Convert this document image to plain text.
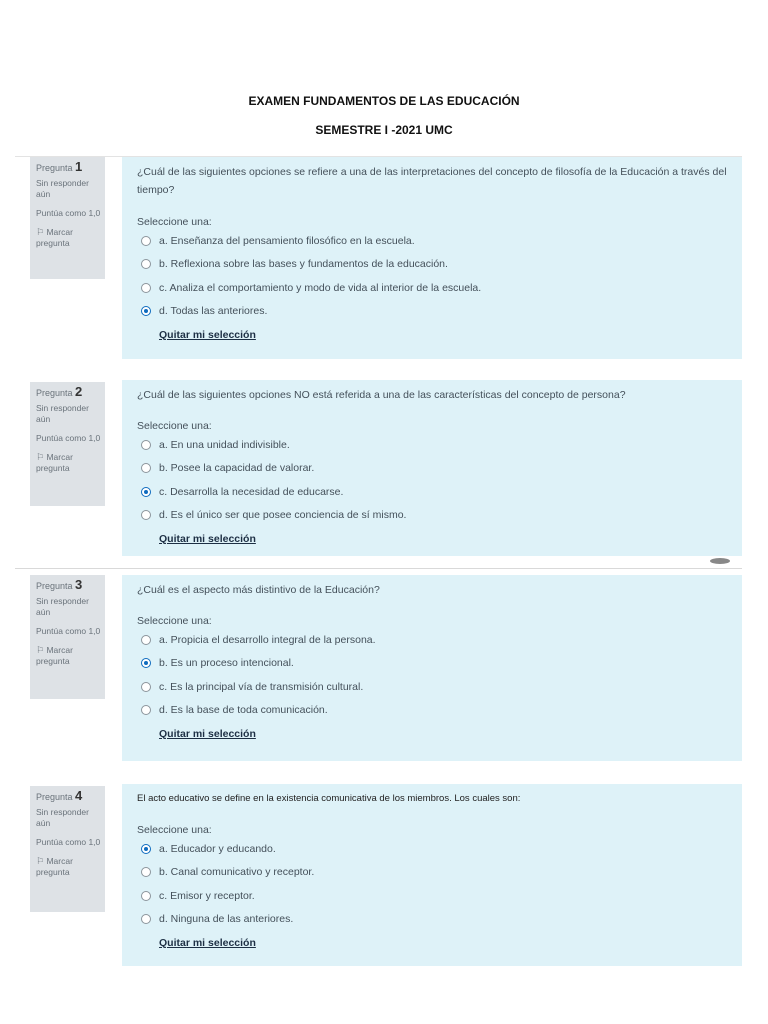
EXAMEN FUNDAMENTOS DE LAS EDUCACIÓN
SEMESTRE I -2021 UMC
Pregunta 1
Sin responder aún
Puntúa como 1,0
⚐ Marcar pregunta

¿Cuál de las siguientes opciones se refiere a una de las interpretaciones del concepto de filosofía de la Educación a través del tiempo?

Seleccione una:
a. Enseñanza del pensamiento filosófico en la escuela.
b. Reflexiona sobre las bases y fundamentos de la educación.
c. Analiza el comportamiento y modo de vida al interior de la escuela.
d. Todas las anteriores.
Quitar mi selección
Pregunta 2
Sin responder aún
Puntúa como 1,0
⚐ Marcar pregunta

¿Cuál de las siguientes opciones NO está referida a una de las características del concepto de persona?

Seleccione una:
a. En una unidad indivisible.
b. Posee la capacidad de valorar.
c. Desarrolla la necesidad de educarse.
d. Es el único ser que posee conciencia de sí mismo.
Quitar mi selección
Pregunta 3
Sin responder aún
Puntúa como 1,0
⚐ Marcar pregunta

¿Cuál es el aspecto más distintivo de la Educación?

Seleccione una:
a. Propicia el desarrollo integral de la persona.
b. Es un proceso intencional.
c. Es la principal vía de transmisión cultural.
d. Es la base de toda comunicación.
Quitar mi selección
Pregunta 4
Sin responder aún
Puntúa como 1,0
⚐ Marcar pregunta

El acto educativo se define en la existencia comunicativa de los miembros. Los cuales son:

Seleccione una:
a. Educador y educando.
b. Canal comunicativo y receptor.
c. Emisor y receptor.
d. Ninguna de las anteriores.
Quitar mi selección
